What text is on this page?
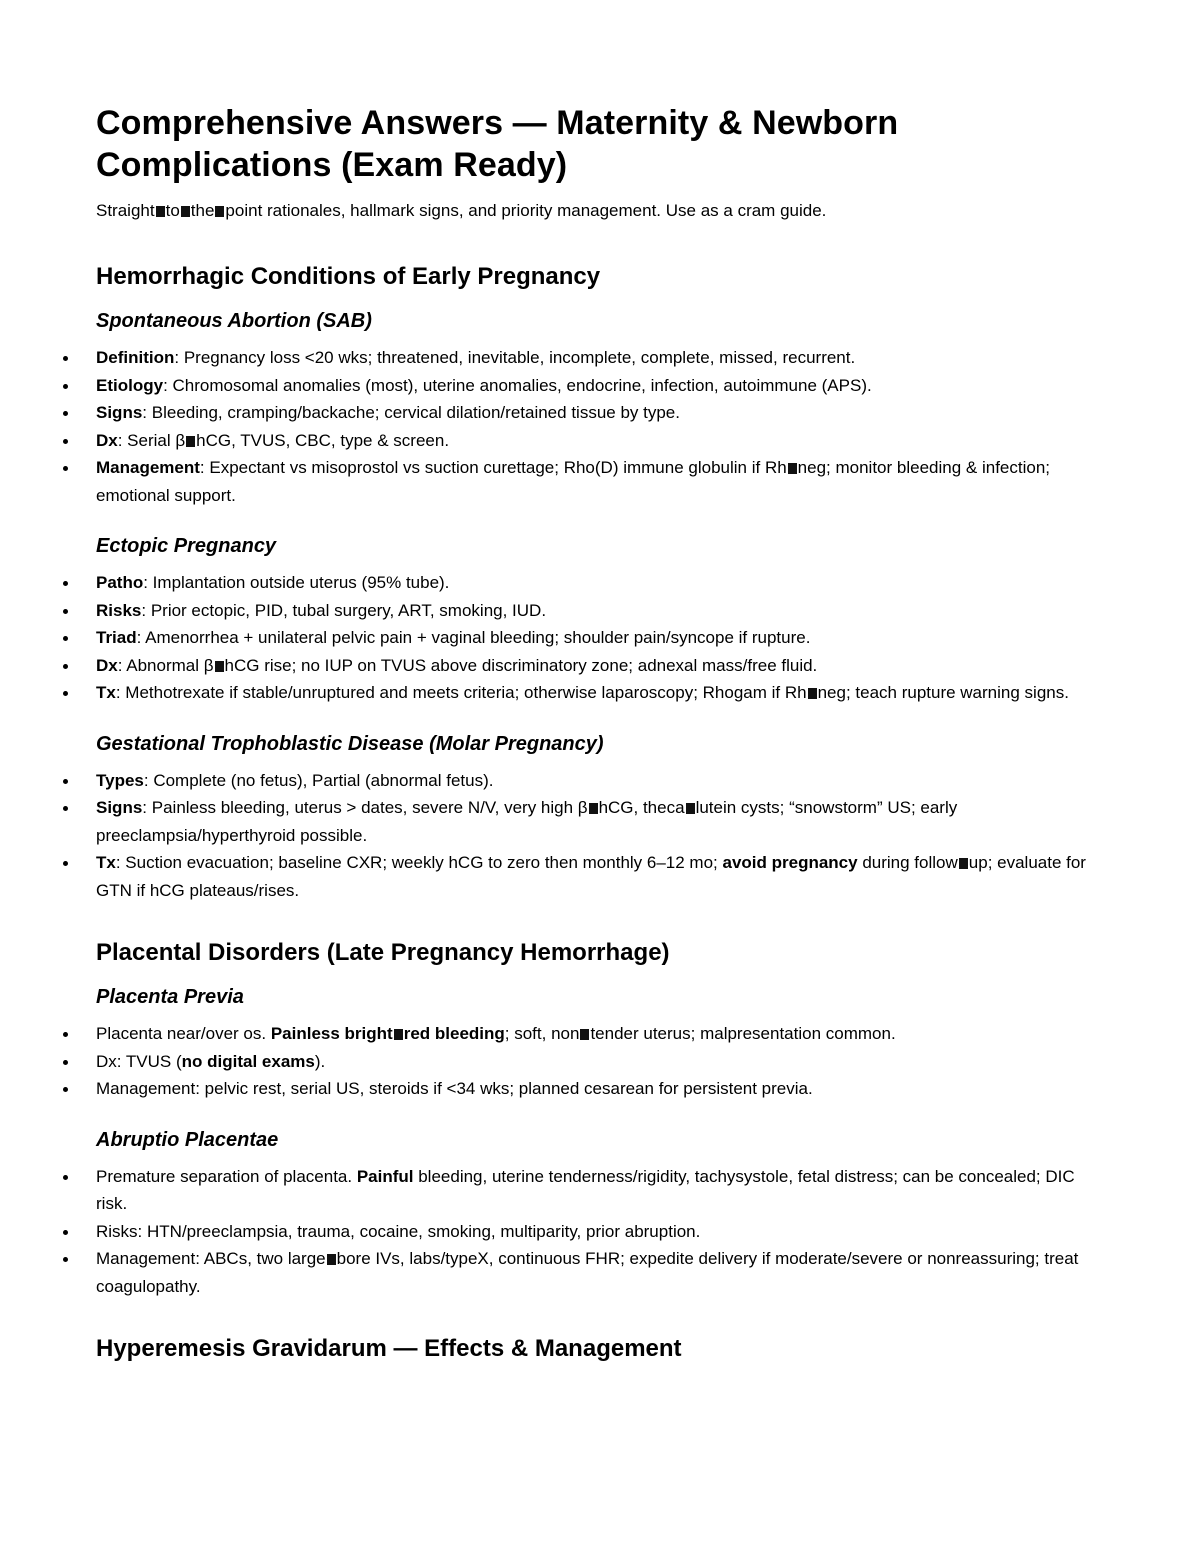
Comprehensive Answers — Maternity & Newborn Complications (Exam Ready)

Straight to the point rationales, hallmark signs, and priority management. Use as a cram guide.

Hemorrhagic Conditions of Early Pregnancy
Spontaneous Abortion (SAB)
Definition: Pregnancy loss <20 wks; threatened, inevitable, incomplete, complete, missed, recurrent.
Etiology: Chromosomal anomalies (most), uterine anomalies, endocrine, infection, autoimmune (APS).
Signs: Bleeding, cramping/backache; cervical dilation/retained tissue by type.
Dx: Serial β hCG, TVUS, CBC, type & screen.
Management: Expectant vs misoprostol vs suction curettage; Rho(D) immune globulin if Rh neg; monitor bleeding & infection; emotional support.
Ectopic Pregnancy
Patho: Implantation outside uterus (95% tube).
Risks: Prior ectopic, PID, tubal surgery, ART, smoking, IUD.
Triad: Amenorrhea + unilateral pelvic pain + vaginal bleeding; shoulder pain/syncope if rupture.
Dx: Abnormal β hCG rise; no IUP on TVUS above discriminatory zone; adnexal mass/free fluid.
Tx: Methotrexate if stable/unruptured and meets criteria; otherwise laparoscopy; Rhogam if Rh neg; teach rupture warning signs.
Gestational Trophoblastic Disease (Molar Pregnancy)
Types: Complete (no fetus), Partial (abnormal fetus).
Signs: Painless bleeding, uterus > dates, severe N/V, very high β hCG, theca lutein cysts; “snowstorm” US; early preeclampsia/hyperthyroid possible.
Tx: Suction evacuation; baseline CXR; weekly hCG to zero then monthly 6–12 mo; avoid pregnancy during follow up; evaluate for GTN if hCG plateaus/rises.
Placental Disorders (Late Pregnancy Hemorrhage)
Placenta Previa
Placenta near/over os. Painless bright red bleeding; soft, non tender uterus; malpresentation common.
Dx: TVUS (no digital exams).
Management: pelvic rest, serial US, steroids if <34 wks; planned cesarean for persistent previa.
Abruptio Placentae
Premature separation of placenta. Painful bleeding, uterine tenderness/rigidity, tachysystole, fetal distress; can be concealed; DIC risk.
Risks: HTN/preeclampsia, trauma, cocaine, smoking, multiparity, prior abruption.
Management: ABCs, two large bore IVs, labs/typeX, continuous FHR; expedite delivery if moderate/severe or nonreassuring; treat coagulopathy.
Hyperemesis Gravidarum — Effects & Management
